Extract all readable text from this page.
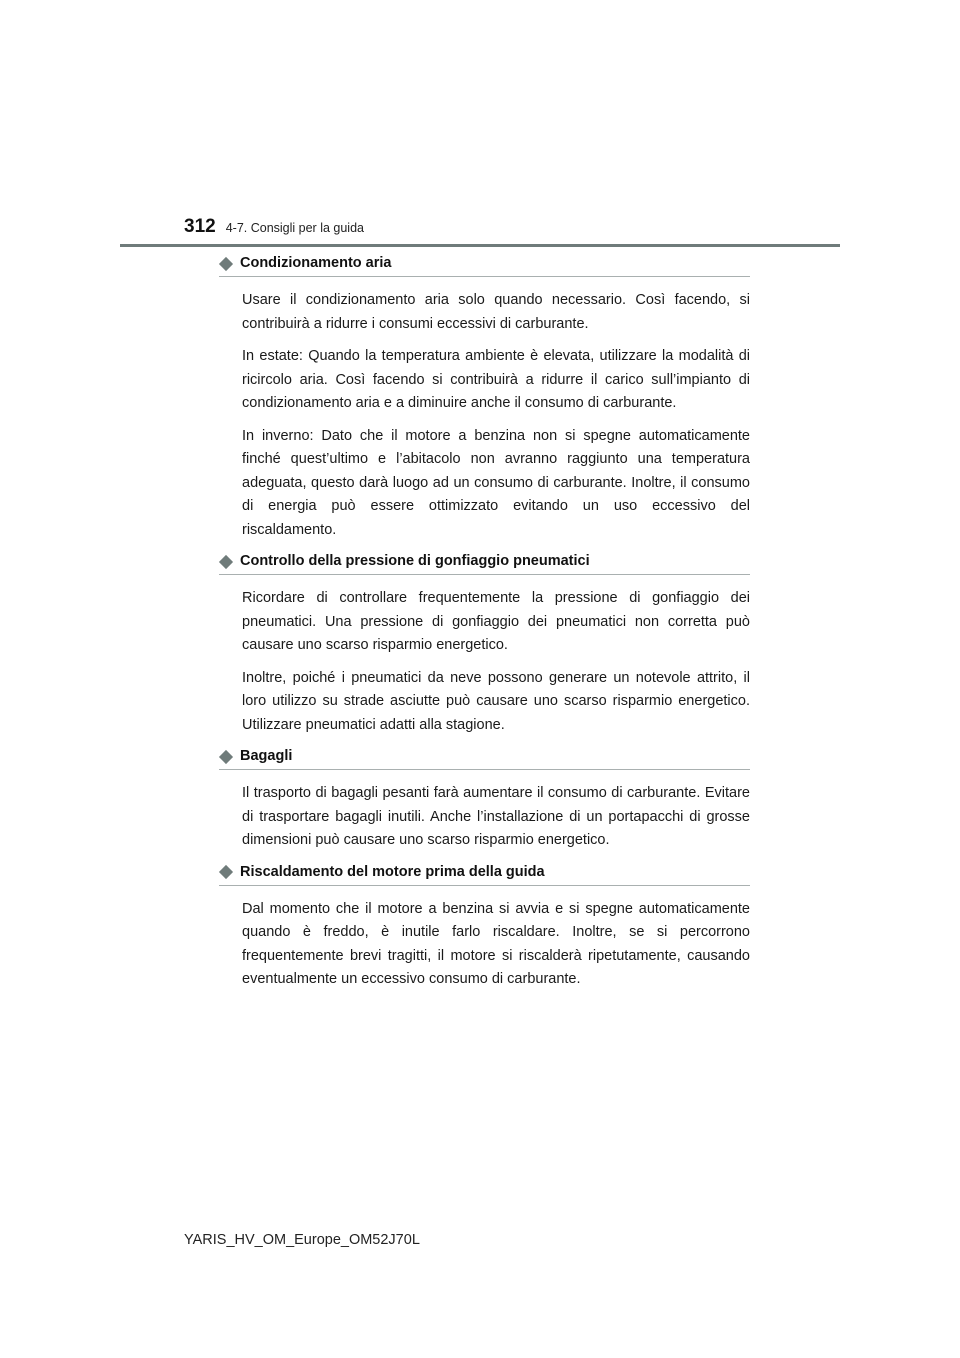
312 4-7. Consigli per la guida
Condizionamento aria

Usare il condizionamento aria solo quando necessario. Così facendo, si contribuirà a ridurre i consumi eccessivi di carburante.

In estate: Quando la temperatura ambiente è elevata, utilizzare la modalità di ricircolo aria. Così facendo si contribuirà a ridurre il carico sull’impianto di condizionamento aria e a diminuire anche il consumo di carburante.

In inverno: Dato che il motore a benzina non si spegne automaticamente finché quest’ultimo e l’abitacolo non avranno raggiunto una temperatura adeguata, questo darà luogo ad un consumo di carburante. Inoltre, il consumo di energia può essere ottimizzato evitando un uso eccessivo del riscaldamento.

Controllo della pressione di gonfiaggio pneumatici

Ricordare di controllare frequentemente la pressione di gonfiaggio dei pneumatici. Una pressione di gonfiaggio dei pneumatici non corretta può causare uno scarso risparmio energetico.

Inoltre, poiché i pneumatici da neve possono generare un notevole attrito, il loro utilizzo su strade asciutte può causare uno scarso risparmio energetico. Utilizzare pneumatici adatti alla stagione.

Bagagli

Il trasporto di bagagli pesanti farà aumentare il consumo di carburante. Evitare di trasportare bagagli inutili. Anche l’installazione di un portapacchi di grosse dimensioni può causare uno scarso risparmio energetico.

Riscaldamento del motore prima della guida

Dal momento che il motore a benzina si avvia e si spegne automaticamente quando è freddo, è inutile farlo riscaldare. Inoltre, se si percorrono frequentemente brevi tragitti, il motore si riscalderà ripetutamente, causando eventualmente un eccessivo consumo di carburante.

YARIS_HV_OM_Europe_OM52J70L
